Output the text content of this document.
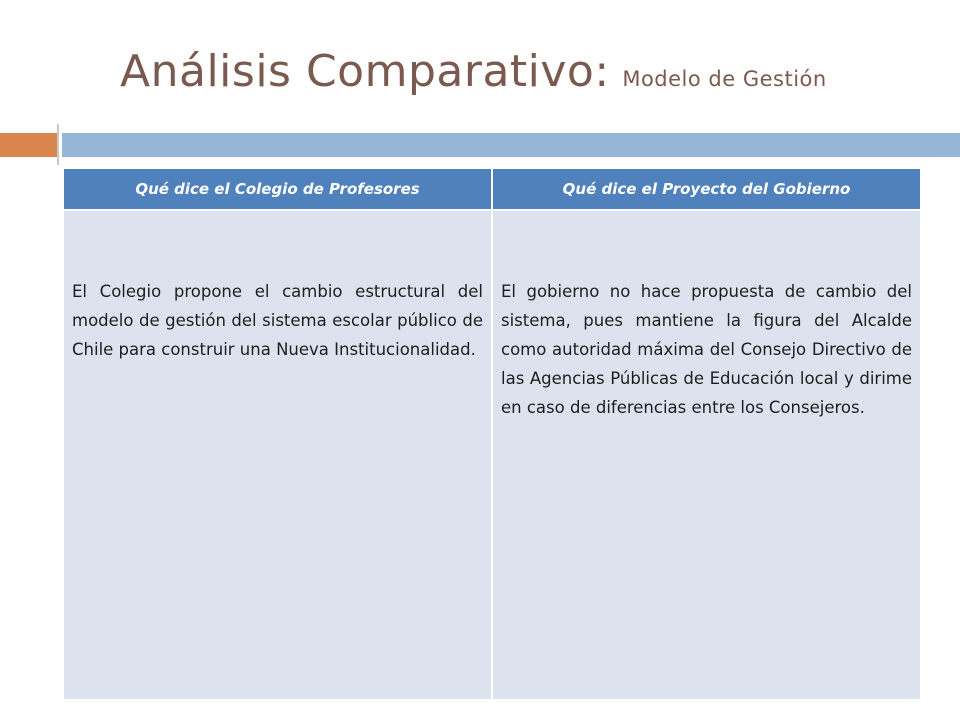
Análisis Comparativo: Modelo de Gestión
Qué dice el Colegio de Profesores	Qué dice el Proyecto del Gobierno
El Colegio propone el cambio estructural del modelo de gestión del sistema escolar público de Chile para construir una Nueva Institucionalidad.	El gobierno no hace propuesta de cambio del sistema, pues mantiene la figura del Alcalde como autoridad máxima del Consejo Directivo de las Agencias Públicas de Educación local y dirime en caso de diferencias entre los Consejeros.
